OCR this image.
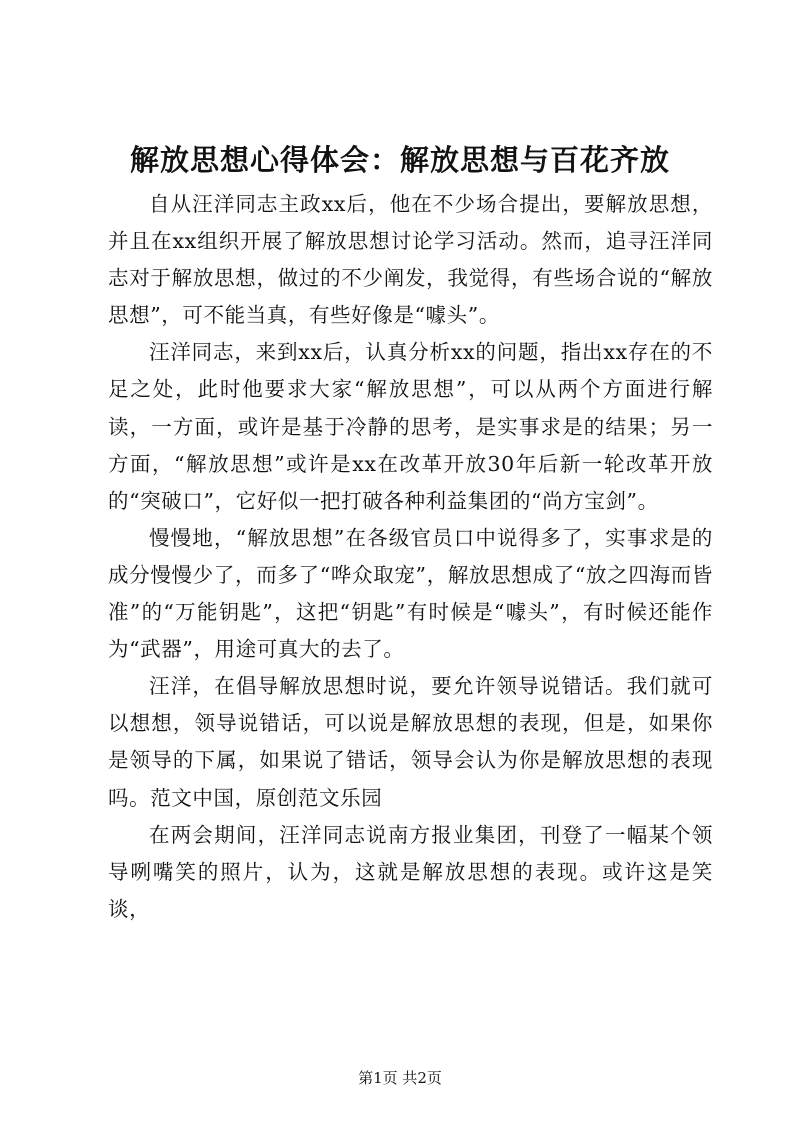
解放思想心得体会：解放思想与百花齐放

自从汪洋同志主政xx后，他在不少场合提出，要解放思想，并且在xx组织开展了解放思想讨论学习活动。然而，追寻汪洋同志对于解放思想，做过的不少阐发，我觉得，有些场合说的“解放思想”，可不能当真，有些好像是“噱头”。

汪洋同志，来到xx后，认真分析xx的问题，指出xx存在的不足之处，此时他要求大家“解放思想”，可以从两个方面进行解读，一方面，或许是基于冷静的思考，是实事求是的结果；另一方面，“解放思想”或许是xx在改革开放30年后新一轮改革开放的“突破口”，它好似一把打破各种利益集团的“尚方宝剑”。

慢慢地，“解放思想”在各级官员口中说得多了，实事求是的成分慢慢少了，而多了“哗众取宠”，解放思想成了“放之四海而皆准”的“万能钥匙”，这把“钥匙”有时候是“噱头”，有时候还能作为“武器”，用途可真大的去了。

汪洋，在倡导解放思想时说，要允许领导说错话。我们就可以想想，领导说错话，可以说是解放思想的表现，但是，如果你是领导的下属，如果说了错话，领导会认为你是解放思想的表现吗。范文中国，原创范文乐园

在两会期间，汪洋同志说南方报业集团，刊登了一幅某个领导咧嘴笑的照片，认为，这就是解放思想的表现。或许这是笑谈，

第1页 共2页
